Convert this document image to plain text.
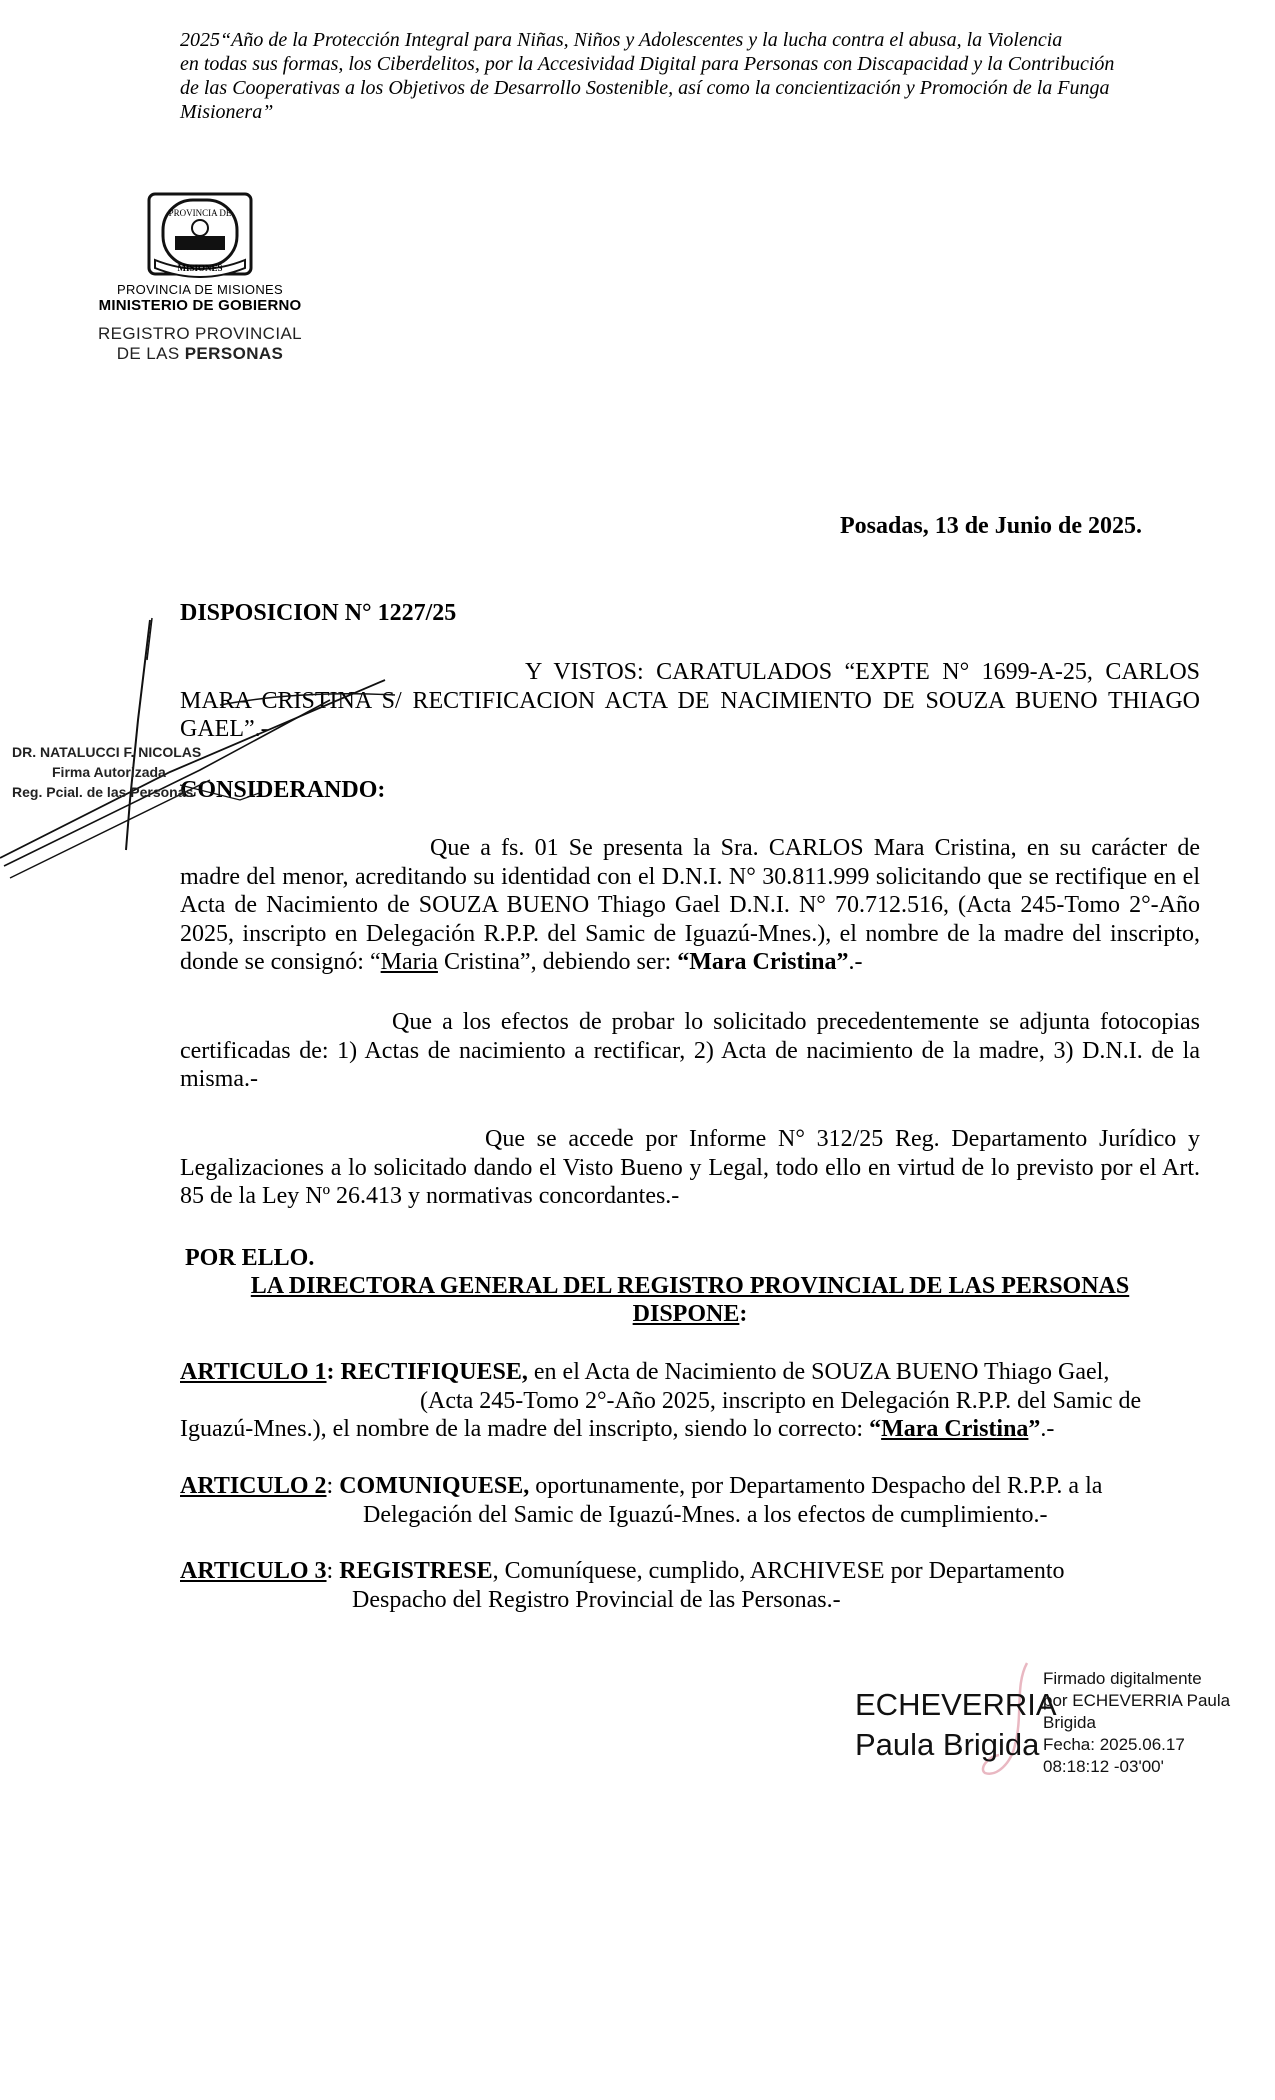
2025“Año de la Protección Integral para Niñas, Niños y Adolescentes y la lucha contra el abusa, la Violencia
en todas sus formas, los Ciberdelitos, por la Accesividad Digital para Personas con Discapacidad y la Contribución
de las Cooperativas a los Objetivos de Desarrollo Sostenible, así como la concientización y Promoción de la Funga
Misionera”
PROVINCIA DE
MISIONES
PROVINCIA DE MISIONES
MINISTERIO DE GOBIERNO
REGISTRO PROVINCIAL
DE LAS PERSONAS
Posadas, 13 de Junio de 2025.
DISPOSICION N° 1227/25
Y VISTOS: CARATULADOS “EXPTE N° 1699-A-25, CARLOS MARA CRISTINA S/ RECTIFICACION ACTA DE NACIMIENTO DE SOUZA BUENO THIAGO GAEL”.-
CONSIDERANDO:
Que a fs. 01 Se presenta la Sra. CARLOS Mara Cristina, en su carácter de madre del menor, acreditando su identidad con el D.N.I. N° 30.811.999 solicitando que se rectifique en el Acta de Nacimiento de SOUZA BUENO Thiago Gael D.N.I. N° 70.712.516, (Acta 245-Tomo 2°-Año 2025, inscripto en Delegación R.P.P. del Samic de Iguazú-Mnes.), el nombre de la madre del inscripto, donde se consignó: “Maria Cristina”, debiendo ser: “Mara Cristina”.-
Que a los efectos de probar lo solicitado precedentemente se adjunta fotocopias certificadas de: 1) Actas de nacimiento a rectificar, 2) Acta de nacimiento de la madre, 3) D.N.I. de la misma.-
Que se accede por Informe N° 312/25 Reg. Departamento Jurídico y Legalizaciones a lo solicitado dando el Visto Bueno y Legal, todo ello en virtud de lo previsto por el Art. 85 de la Ley Nº 26.413 y normativas concordantes.-
POR ELLO.
LA DIRECTORA GENERAL DEL REGISTRO PROVINCIAL DE LAS PERSONAS
DISPONE:
ARTICULO 1: RECTIFIQUESE, en el Acta de Nacimiento de SOUZA BUENO Thiago Gael,
(Acta 245-Tomo 2°-Año 2025, inscripto en Delegación R.P.P. del Samic de
Iguazú-Mnes.), el nombre de la madre del inscripto, siendo lo correcto: “Mara Cristina”.-
ARTICULO 2: COMUNIQUESE, oportunamente, por Departamento Despacho del R.P.P. a la
Delegación del Samic de Iguazú-Mnes. a los efectos de cumplimiento.-
ARTICULO 3: REGISTRESE, Comuníquese, cumplido, ARCHIVESE por Departamento
Despacho del Registro Provincial de las Personas.-
DR. NATALUCCI F. NICOLAS
Firma Autorizada
Reg. Pcial. de las Personas
ECHEVERRIA
Paula Brigida
Firmado digitalmente
por ECHEVERRIA Paula
Brigida
Fecha: 2025.06.17
08:18:12 -03'00'
